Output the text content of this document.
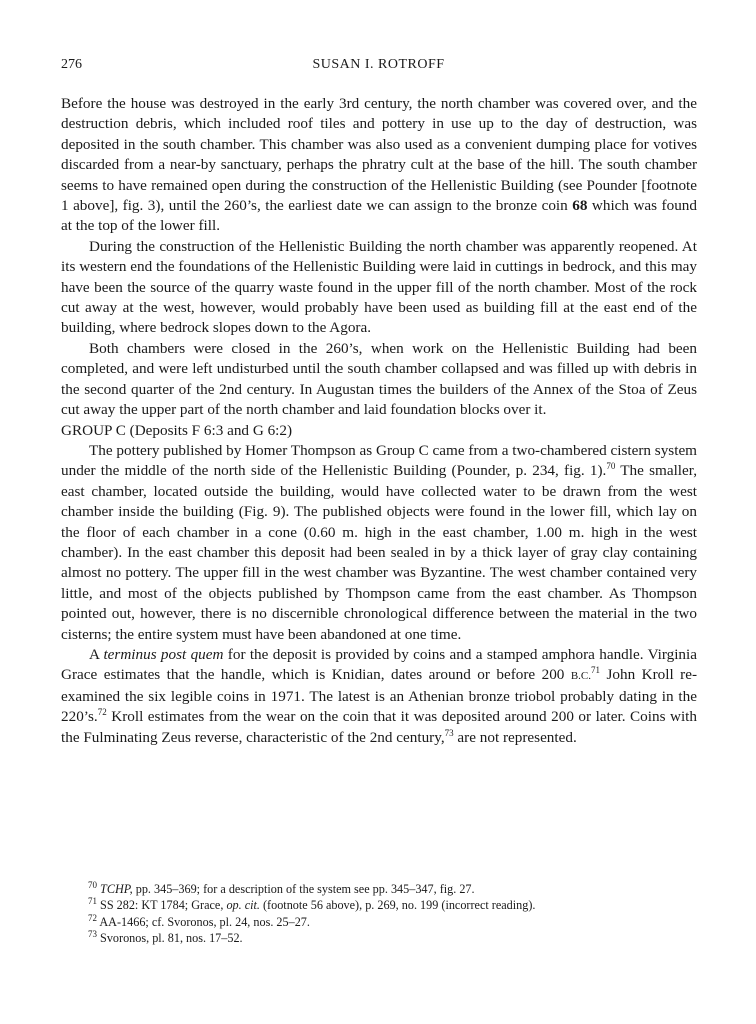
276	SUSAN I. ROTROFF

Before the house was destroyed in the early 3rd century, the north chamber was covered over, and the destruction debris, which included roof tiles and pottery in use up to the day of destruction, was deposited in the south chamber. This chamber was also used as a convenient dumping place for votives discarded from a near-by sanctuary, perhaps the phratry cult at the base of the hill. The south chamber seems to have remained open during the construction of the Hellenistic Building (see Pounder [footnote 1 above], fig. 3), until the 260’s, the earliest date we can assign to the bronze coin 68 which was found at the top of the lower fill.

During the construction of the Hellenistic Building the north chamber was apparently reopened. At its western end the foundations of the Hellenistic Building were laid in cuttings in bedrock, and this may have been the source of the quarry waste found in the upper fill of the north chamber. Most of the rock cut away at the west, however, would probably have been used as building fill at the east end of the building, where bedrock slopes down to the Agora.

Both chambers were closed in the 260’s, when work on the Hellenistic Building had been completed, and were left undisturbed until the south chamber collapsed and was filled up with debris in the second quarter of the 2nd century. In Augustan times the builders of the Annex of the Stoa of Zeus cut away the upper part of the north chamber and laid foundation blocks over it.

GROUP C (Deposits F 6:3 and G 6:2)

The pottery published by Homer Thompson as Group C came from a two-chambered cistern system under the middle of the north side of the Hellenistic Building (Pounder, p. 234, fig. 1).$^{70}$ The smaller, east chamber, located outside the building, would have collected water to be drawn from the west chamber inside the building (Fig. 9). The published objects were found in the lower fill, which lay on the floor of each chamber in a cone (0.60 m. high in the east chamber, 1.00 m. high in the west chamber). In the east chamber this deposit had been sealed in by a thick layer of gray clay containing almost no pottery. The upper fill in the west chamber was Byzantine. The west chamber contained very little, and most of the objects published by Thompson came from the east chamber. As Thompson pointed out, however, there is no discernible chronological difference between the material in the two cisterns; the entire system must have been abandoned at one time.

A terminus post quem for the deposit is provided by coins and a stamped amphora handle. Virginia Grace estimates that the handle, which is Knidian, dates around or before 200 B.C.$^{71}$ John Kroll re-examined the six legible coins in 1971. The latest is an Athenian bronze triobol probably dating in the 220’s.$^{72}$ Kroll estimates from the wear on the coin that it was deposited around 200 or later. Coins with the Fulminating Zeus reverse, characteristic of the 2nd century,$^{73}$ are not represented.

$^{70}$ TCHP, pp. 345–369; for a description of the system see pp. 345–347, fig. 27.

$^{71}$ SS 282: KT 1784; Grace, op. cit. (footnote 56 above), p. 269, no. 199 (incorrect reading).

$^{72}$ AA-1466; cf. Svoronos, pl. 24, nos. 25–27.

$^{73}$ Svoronos, pl. 81, nos. 17–52.
